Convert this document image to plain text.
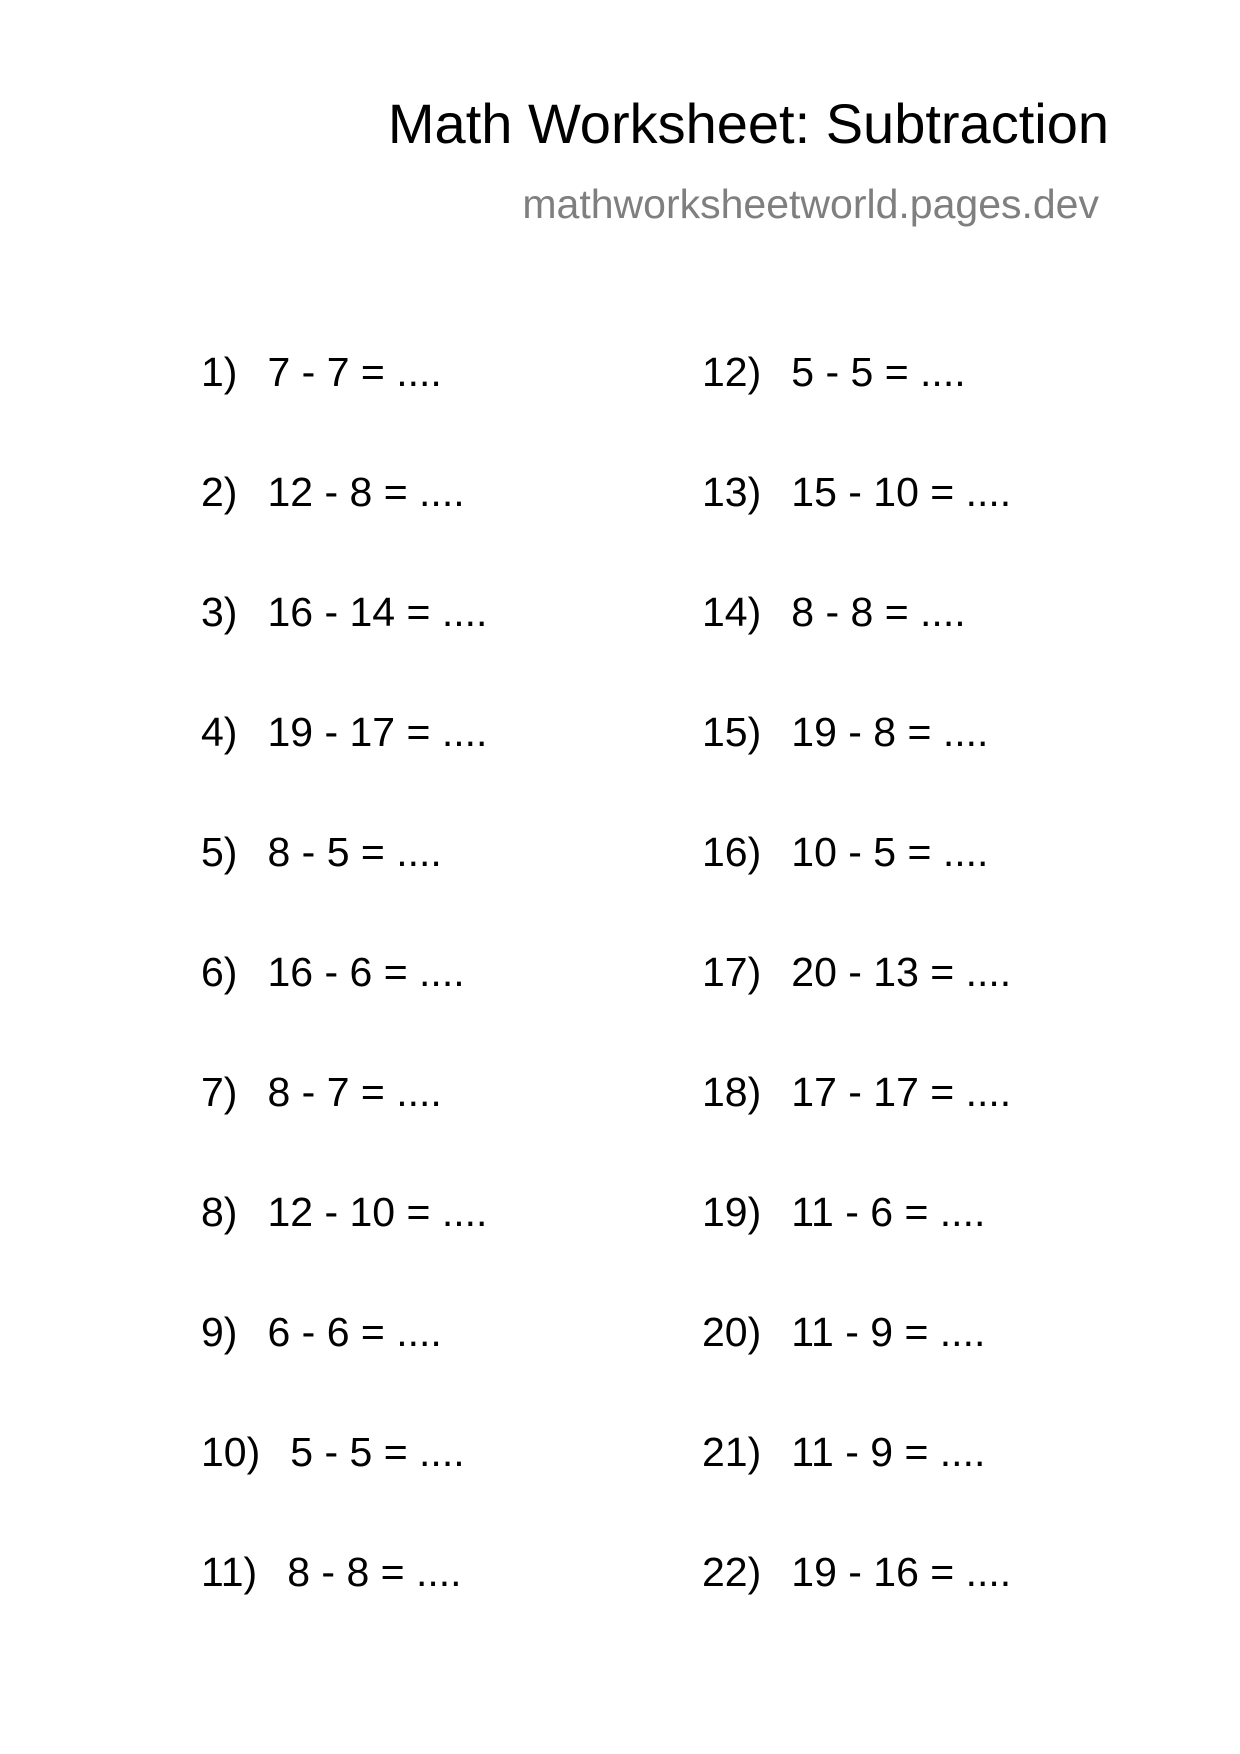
Math Worksheet: Subtraction
mathworksheetworld.pages.dev
1) 7 - 7 = ....
2) 12 - 8 = ....
3) 16 - 14 = ....
4) 19 - 17 = ....
5) 8 - 5 = ....
6) 16 - 6 = ....
7) 8 - 7 = ....
8) 12 - 10 = ....
9) 6 - 6 = ....
10) 5 - 5 = ....
11) 8 - 8 = ....
12) 5 - 5 = ....
13) 15 - 10 = ....
14) 8 - 8 = ....
15) 19 - 8 = ....
16) 10 - 5 = ....
17) 20 - 13 = ....
18) 17 - 17 = ....
19) 11 - 6 = ....
20) 11 - 9 = ....
21) 11 - 9 = ....
22) 19 - 16 = ....
